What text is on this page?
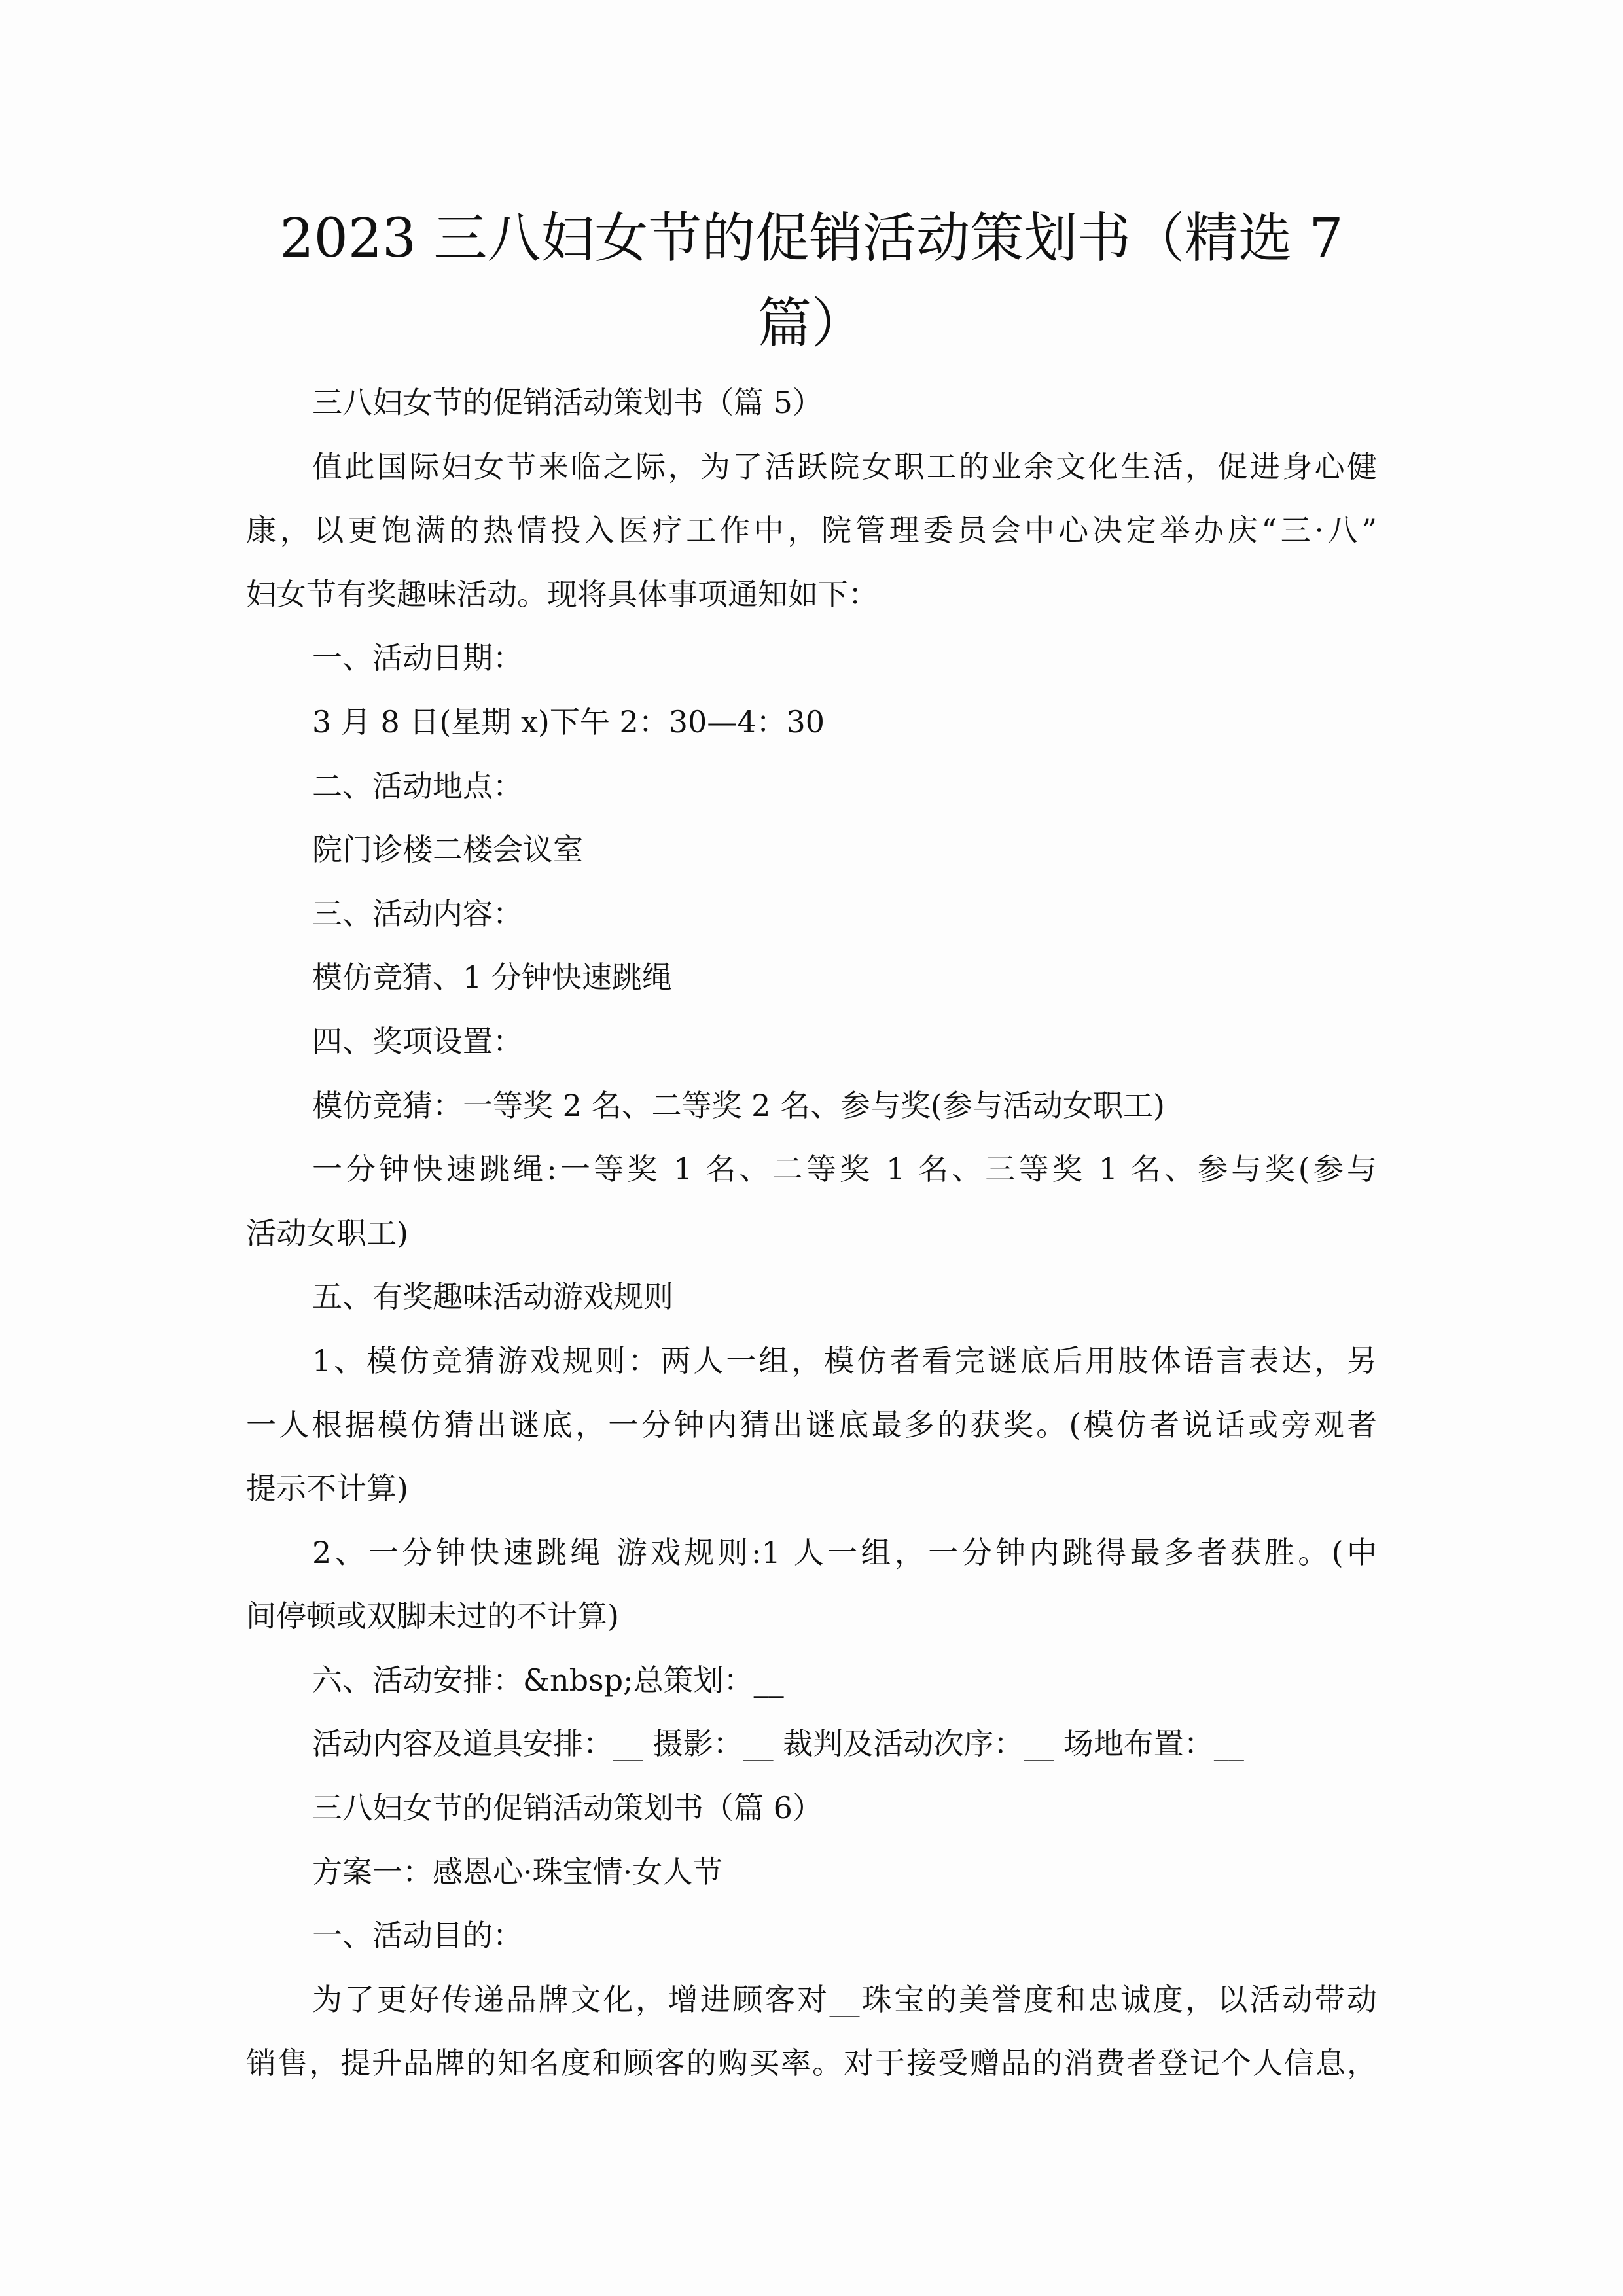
2023 三八妇女节的促销活动策划书（精选 7
篇）
三八妇女节的促销活动策划书（篇 5）
值此国际妇女节来临之际，为了活跃院女职工的业余文化生活，促进身心健
康，以更饱满的热情投入医疗工作中，院管理委员会中心决定举办庆“三·八”
妇女节有奖趣味活动。现将具体事项通知如下：
一、活动日期：
3 月 8 日(星期 x)下午 2：30—4：30
二、活动地点：
院门诊楼二楼会议室
三、活动内容：
模仿竞猜、1 分钟快速跳绳
四、奖项设置：
模仿竞猜：一等奖 2 名、二等奖 2 名、参与奖(参与活动女职工)
一分钟快速跳绳:一等奖 1 名、二等奖 1 名、三等奖 1 名、参与奖(参与
活动女职工)
五、有奖趣味活动游戏规则
1、模仿竞猜游戏规则：两人一组，模仿者看完谜底后用肢体语言表达，另
一人根据模仿猜出谜底，一分钟内猜出谜底最多的获奖。(模仿者说话或旁观者
提示不计算)
2、一分钟快速跳绳 游戏规则:1 人一组，一分钟内跳得最多者获胜。(中
间停顿或双脚未过的不计算)
六、活动安排：&nbsp;总策划：__
活动内容及道具安排：__ 摄影：__ 裁判及活动次序：__ 场地布置：__
三八妇女节的促销活动策划书（篇 6）
方案一：感恩心·珠宝情·女人节
一、活动目的：
为了更好传递品牌文化，增进顾客对__珠宝的美誉度和忠诚度，以活动带动
销售，提升品牌的知名度和顾客的购买率。对于接受赠品的消费者登记个人信息，
